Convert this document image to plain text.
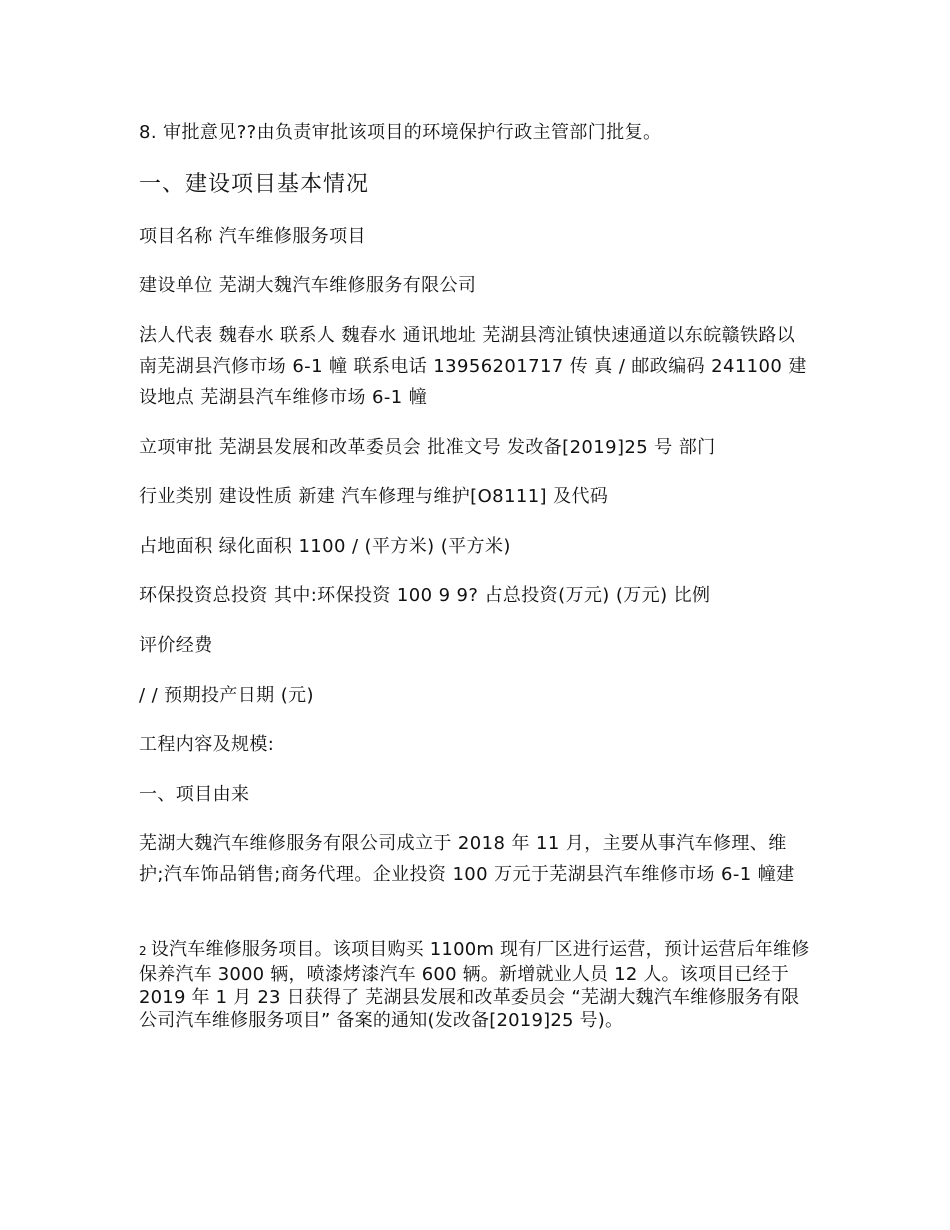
8. 审批意见??由负责审批该项目的环境保护行政主管部门批复。

一、建设项目基本情况

项目名称 汽车维修服务项目

建设单位 芜湖大魏汽车维修服务有限公司

法人代表 魏春水 联系人 魏春水 通讯地址 芜湖县湾沚镇快速通道以东皖赣铁路以南芜湖县汽修市场 6-1 幢 联系电话 13956201717 传 真 / 邮政编码 241100 建设地点 芜湖县汽车维修市场 6-1 幢

立项审批 芜湖县发展和改革委员会 批准文号 发改备[2019]25 号 部门

行业类别 建设性质 新建 汽车修理与维护[O8111] 及代码

占地面积 绿化面积 1100 / (平方米) (平方米)

环保投资总投资 其中:环保投资 100 9 9? 占总投资(万元) (万元) 比例

评价经费

/ / 预期投产日期 (元)

工程内容及规模:

一、项目由来

芜湖大魏汽车维修服务有限公司成立于 2018 年 11 月，主要从事汽车修理、维护;汽车饰品销售;商务代理。企业投资 100 万元于芜湖县汽车维修市场 6-1 幢建

2 设汽车维修服务项目。该项目购买 1100m 现有厂区进行运营，预计运营后年维修保养汽车 3000 辆，喷漆烤漆汽车 600 辆。新增就业人员 12 人。该项目已经于 2019 年 1 月 23 日获得了 芜湖县发展和改革委员会 “芜湖大魏汽车维修服务有限公司汽车维修服务项目” 备案的通知(发改备[2019]25 号)。
